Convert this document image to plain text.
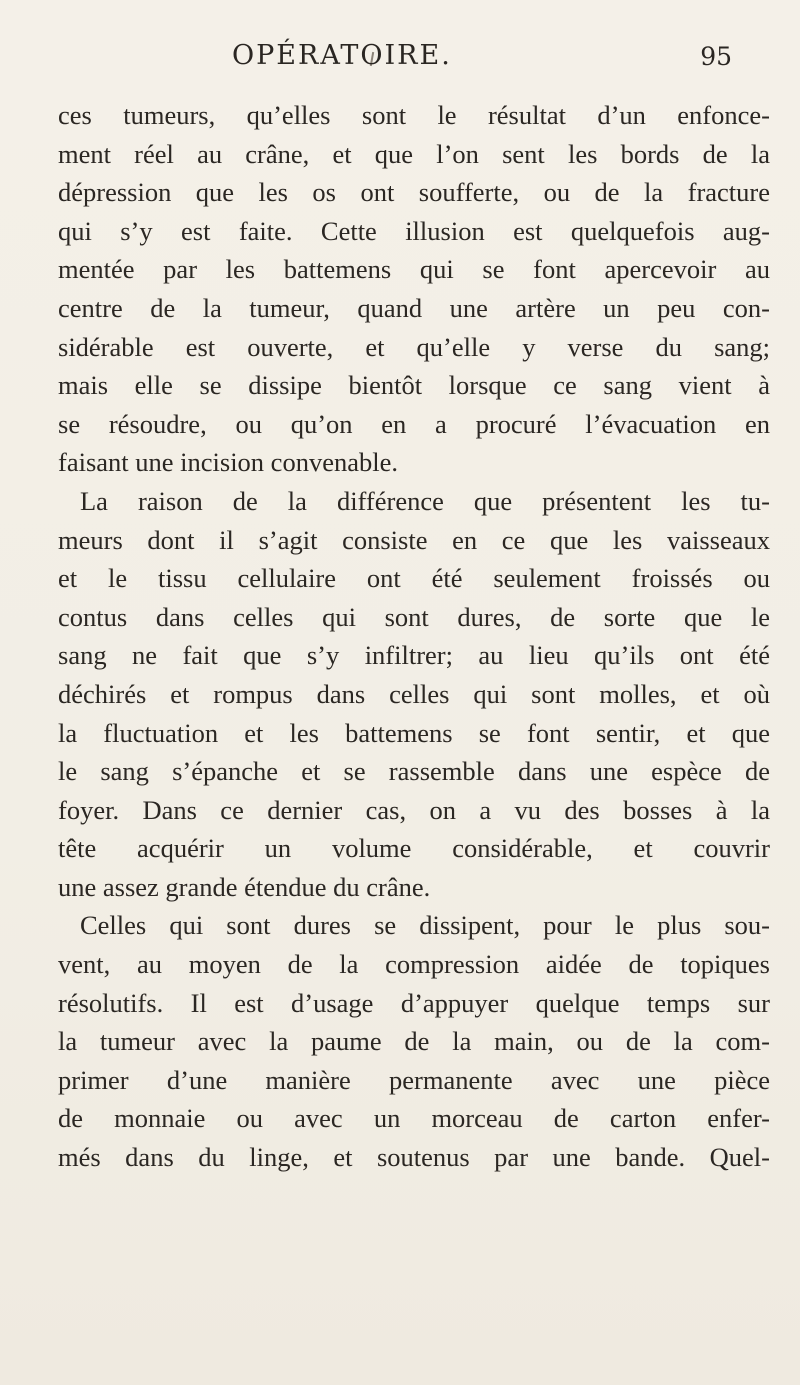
OPÉRATOIRE.	95
ces tumeurs, qu’elles sont le résultat d’un enfonce-
ment réel au crâne, et que l’on sent les bords de la
dépression que les os ont soufferte, ou de la fracture
qui s’y est faite. Cette illusion est quelquefois aug-
mentée par les battemens qui se font apercevoir au
centre de la tumeur, quand une artère un peu con-
sidérable est ouverte, et qu’elle y verse du sang;
mais elle se dissipe bientôt lorsque ce sang vient à
se résoudre, ou qu’on en a procuré l’évacuation en
faisant une incision convenable.
La raison de la différence que présentent les tu-
meurs dont il s’agit consiste en ce que les vaisseaux
et le tissu cellulaire ont été seulement froissés ou
contus dans celles qui sont dures, de sorte que le
sang ne fait que s’y infiltrer; au lieu qu’ils ont été
déchirés et rompus dans celles qui sont molles, et où
la fluctuation et les battemens se font sentir, et que
le sang s’épanche et se rassemble dans une espèce de
foyer. Dans ce dernier cas, on a vu des bosses à la
tête acquérir un volume considérable, et couvrir
une assez grande étendue du crâne.
Celles qui sont dures se dissipent, pour le plus sou-
vent, au moyen de la compression aidée de topiques
résolutifs. Il est d’usage d’appuyer quelque temps sur
la tumeur avec la paume de la main, ou de la com-
primer d’une manière permanente avec une pièce
de monnaie ou avec un morceau de carton enfer-
més dans du linge, et soutenus par une bande. Quel-
